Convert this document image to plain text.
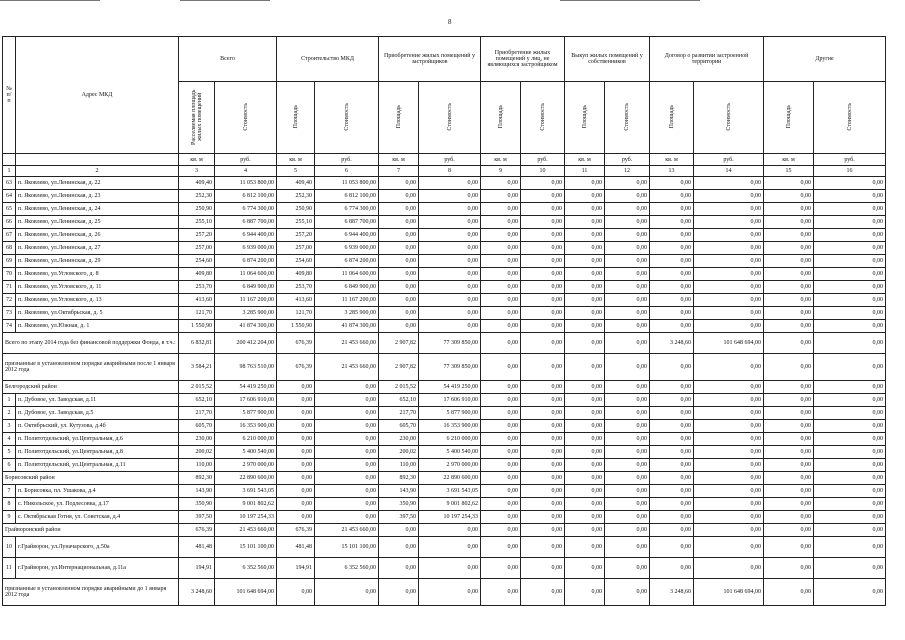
8
№ п/п	Адрес МКД	Всего		Строительство МКД		Приобретение жилых помещений у застройщиков		Приобретение жилых помещений у лиц, не являющихся застройщиком		Выкуп жилых помещений у собственников		Договор о развитии застроенной территории		Другие	
		Расселяемая площадь жилых помещений	Стоимость	Площадь	Стоимость	Площадь	Стоимость	Площадь	Стоимость	Площадь	Стоимость	Площадь	Стоимость	Площадь	Стоимость
		кв. м	руб.	кв. м	руб.	кв. м	руб.	кв. м	руб.	кв. м	руб.	кв. м	руб.	кв. м	руб.
1	2	3	4	5	6	7	8	9	10	11	12	13	14	15	16
63	п. Яковлево, ул.Ленинская, д. 22	409,40	11 053 800,00	409,40	11 053 800,00	0,00	0,00	0,00	0,00	0,00	0,00	0,00	0,00	0,00	0,00
64	п. Яковлево, ул.Ленинская, д. 23	252,30	6 812 100,00	252,30	6 812 100,00	0,00	0,00	0,00	0,00	0,00	0,00	0,00	0,00	0,00	0,00
65	п. Яковлево, ул.Ленинская, д. 24	250,90	6 774 300,00	250,90	6 774 300,00	0,00	0,00	0,00	0,00	0,00	0,00	0,00	0,00	0,00	0,00
66	п. Яковлево, ул.Ленинская, д. 25	255,10	6 887 700,00	255,10	6 887 700,00	0,00	0,00	0,00	0,00	0,00	0,00	0,00	0,00	0,00	0,00
67	п. Яковлево, ул.Ленинская, д. 26	257,20	6 944 400,00	257,20	6 944 400,00	0,00	0,00	0,00	0,00	0,00	0,00	0,00	0,00	0,00	0,00
68	п. Яковлево, ул.Ленинская, д. 27	257,00	6 939 000,00	257,00	6 939 000,00	0,00	0,00	0,00	0,00	0,00	0,00	0,00	0,00	0,00	0,00
69	п. Яковлево, ул.Ленинская, д. 29	254,60	6 874 200,00	254,60	6 874 200,00	0,00	0,00	0,00	0,00	0,00	0,00	0,00	0,00	0,00	0,00
70	п. Яковлево, ул.Угловского, д. 8	409,80	11 064 600,00	409,80	11 064 600,00	0,00	0,00	0,00	0,00	0,00	0,00	0,00	0,00	0,00	0,00
71	п. Яковлево, ул.Угловского, д. 11	253,70	6 849 900,00	253,70	6 849 900,00	0,00	0,00	0,00	0,00	0,00	0,00	0,00	0,00	0,00	0,00
72	п. Яковлево, ул.Угловского, д. 13	413,60	11 167 200,00	413,60	11 167 200,00	0,00	0,00	0,00	0,00	0,00	0,00	0,00	0,00	0,00	0,00
73	п. Яковлево, ул.Октябрьская, д. 5	121,70	3 285 900,00	121,70	3 285 900,00	0,00	0,00	0,00	0,00	0,00	0,00	0,00	0,00	0,00	0,00
74	п. Яковлево, ул.Южная, д. 1	1 550,90	41 874 300,00	1 550,90	41 874 300,00	0,00	0,00	0,00	0,00	0,00	0,00	0,00	0,00	0,00	0,00
Всего по этапу 2014 года без финансовой поддержки Фонда, в т.ч.:		6 832,81	200 412 204,00	676,39	21 453 660,00	2 907,82	77 309 850,00	0,00	0,00	0,00	0,00	3 248,60	101 648 694,00	0,00	0,00
признанные в установленном порядке аварийными после 1 января 2012 года		3 584,21	98 763 510,00	676,39	21 453 660,00	2 907,82	77 309 850,00	0,00	0,00	0,00	0,00	0,00	0,00	0,00	0,00
Белгородский район		2 015,52	54 419 250,00	0,00	0,00	2 015,52	54 419 250,00	0,00	0,00	0,00	0,00	0,00	0,00	0,00	0,00
1	п. Дубовое, ул. Заводская, д.11	652,10	17 606 910,00	0,00	0,00	652,10	17 606 910,00	0,00	0,00	0,00	0,00	0,00	0,00	0,00	0,00
2	п. Дубовое, ул. Заводская, д.5	217,70	5 877 900,00	0,00	0,00	217,70	5 877 900,00	0,00	0,00	0,00	0,00	0,00	0,00	0,00	0,00
3	п. Октябрьский, ул. Кутузова, д.4б	605,70	16 353 900,00	0,00	0,00	605,70	16 353 900,00	0,00	0,00	0,00	0,00	0,00	0,00	0,00	0,00
4	п. Политотдельский, ул.Центральная, д.6	230,00	6 210 000,00	0,00	0,00	230,00	6 210 000,00	0,00	0,00	0,00	0,00	0,00	0,00	0,00	0,00
5	п. Политотдельский, ул.Центральная, д.8	200,02	5 400 540,00	0,00	0,00	200,02	5 400 540,00	0,00	0,00	0,00	0,00	0,00	0,00	0,00	0,00
6	п. Политотдельский, ул.Центральная, д.11	110,00	2 970 000,00	0,00	0,00	110,00	2 970 000,00	0,00	0,00	0,00	0,00	0,00	0,00	0,00	0,00
Борисовский район		892,30	22 890 600,00	0,00	0,00	892,30	22 890 600,00	0,00	0,00	0,00	0,00	0,00	0,00	0,00	0,00
7	п. Борисовка, пл. Ушакова, д.4	143,90	3 691 543,05	0,00	0,00	143,90	3 691 543,05	0,00	0,00	0,00	0,00	0,00	0,00	0,00	0,00
8	с. Никольское, ул. Подлесовка, д.17	350,90	9 001 802,62	0,00	0,00	350,90	9 001 802,62	0,00	0,00	0,00	0,00	0,00	0,00	0,00	0,00
9	с. Октябрьская Готня, ул. Советская, д.4	397,50	10 197 254,33	0,00	0,00	397,50	10 197 254,33	0,00	0,00	0,00	0,00	0,00	0,00	0,00	0,00
Грайворонский район		676,39	21 453 660,00	676,39	21 453 660,00	0,00	0,00	0,00	0,00	0,00	0,00	0,00	0,00	0,00	0,00
10	г.Грайворон, ул.Луначарского, д.50а	481,48	15 101 100,00	481,48	15 101 100,00	0,00	0,00	0,00	0,00	0,00	0,00	0,00	0,00	0,00	0,00
11	г.Грайворон, ул.Интернациональная, д.11а	194,91	6 352 560,00	194,91	6 352 560,00	0,00	0,00	0,00	0,00	0,00	0,00	0,00	0,00	0,00	0,00
признанные в установленном порядке аварийными до 1 января 2012 года		3 248,60	101 648 694,00	0,00	0,00	0,00	0,00	0,00	0,00	0,00	0,00	3 248,60	101 648 694,00	0,00	0,00
